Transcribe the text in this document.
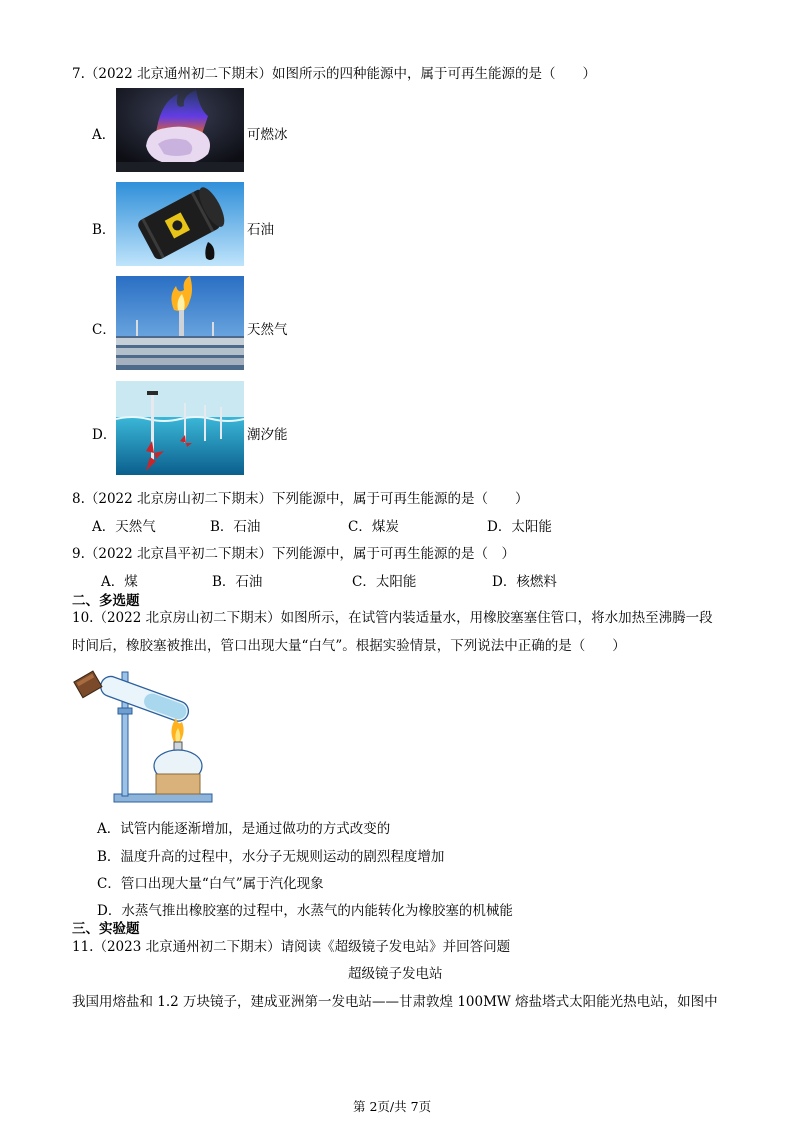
7.（2022 北京通州初二下期末）如图所示的四种能源中，属于可再生能源的是（　　）
A．	可燃冰
B．	石油
C．	天然气
D．	潮汐能
8.（2022 北京房山初二下期末）下列能源中，属于可再生能源的是（　　）
A．天然气	B．石油	C．煤炭	D．太阳能
9.（2022 北京昌平初二下期末）下列能源中，属于可再生能源的是（　）
A．煤	B．石油	C．太阳能	D．核燃料
二、多选题
10.（2022 北京房山初二下期末）如图所示，在试管内装适量水，用橡胶塞塞住管口，将水加热至沸腾一段
时间后，橡胶塞被推出，管口出现大量“白气”。根据实验情景，下列说法中正确的是（　　）
A．试管内能逐渐增加，是通过做功的方式改变的
B．温度升高的过程中，水分子无规则运动的剧烈程度增加
C．管口出现大量“白气”属于汽化现象
D．水蒸气推出橡胶塞的过程中，水蒸气的内能转化为橡胶塞的机械能
三、实验题
11.（2023 北京通州初二下期末）请阅读《超级镜子发电站》并回答问题
超级镜子发电站
我国用熔盐和 1.2 万块镜子，建成亚洲第一发电站——甘肃敦煌 100MW 熔盐塔式太阳能光热电站，如图中
第 2页/共 7页
